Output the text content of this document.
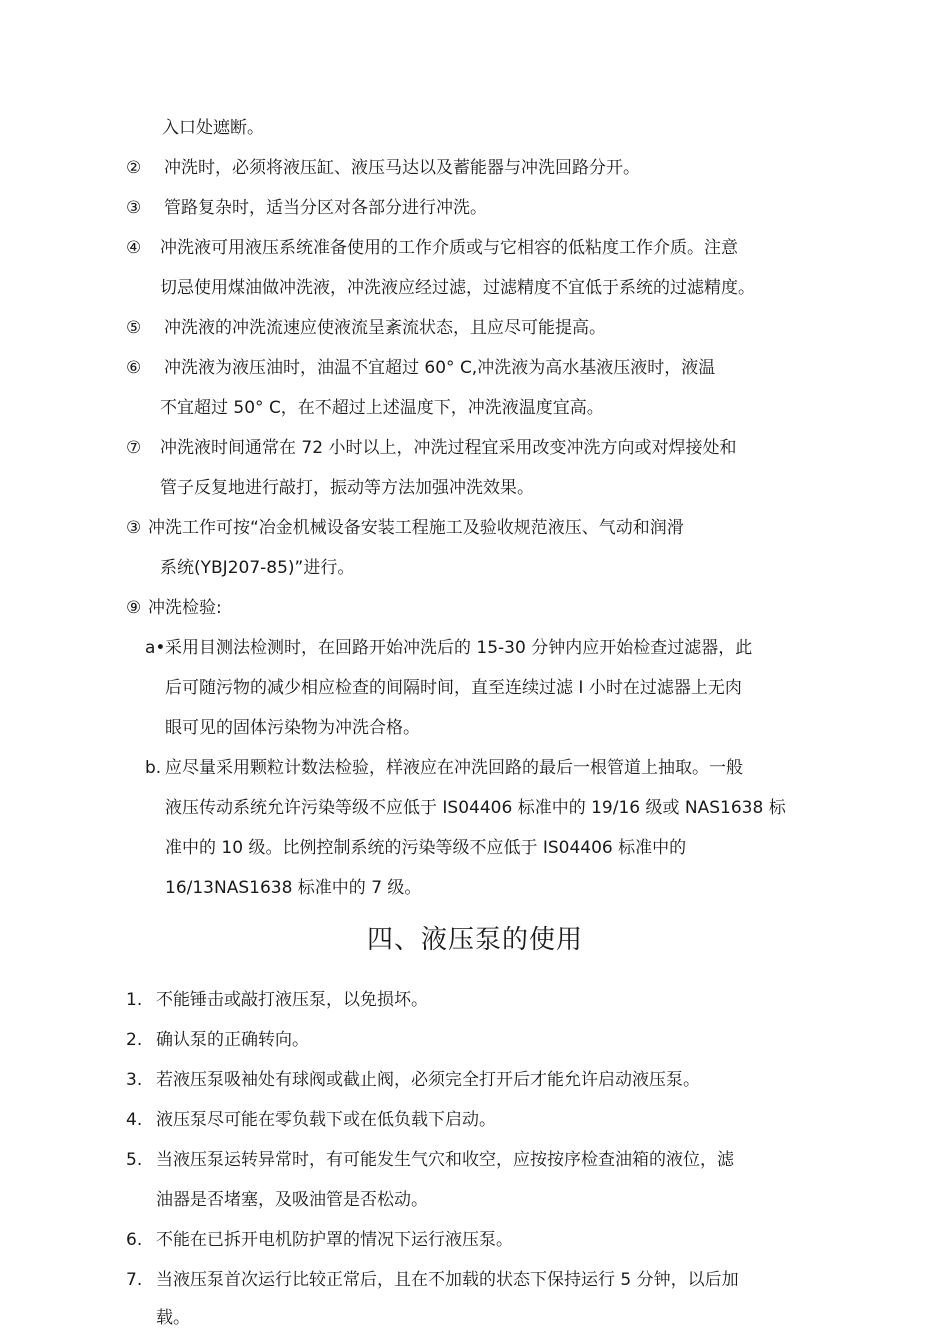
入口处遮断。
② 冲洗时，必须将液压缸、液压马达以及蓄能器与冲洗回路分开。
③ 管路复杂时，适当分区对各部分进行冲洗。
④ 冲洗液可用液压系统准备使用的工作介质或与它相容的低粘度工作介质。注意
切忌使用煤油做冲洗液，冲洗液应经过滤，过滤精度不宜低于系统的过滤精度。
⑤ 冲洗液的冲洗流速应使液流呈紊流状态，且应尽可能提高。
⑥ 冲洗液为液压油时，油温不宜超过 60° C,冲洗液为高水基液压液时，液温
不宜超过 50° C，在不超过上述温度下，冲洗液温度宜高。
⑦ 冲洗液时间通常在 72 小时以上，冲洗过程宜采用改变冲洗方向或对焊接处和
管子反复地进行敲打，振动等方法加强冲洗效果。
③ 冲洗工作可按“冶金机械设备安装工程施工及验收规范液压、气动和润滑
系统(YBJ207-85)”进行。
⑨ 冲洗检验:
a• 采用目测法检测时，在回路开始冲洗后的 15-30 分钟内应开始检查过滤器，此
后可随污物的减少相应检查的间隔时间，直至连续过滤 I 小时在过滤器上无肉
眼可见的固体污染物为冲洗合格。
b. 应尽量采用颗粒计数法检验，样液应在冲洗回路的最后一根管道上抽取。一般
液压传动系统允许污染等级不应低于 IS04406 标准中的 19/16 级或 NAS1638 标
准中的 10 级。比例控制系统的污染等级不应低于 IS04406 标准中的
16/13NAS1638 标准中的 7 级。
四、液压泵的使用
1. 不能锤击或敲打液压泵，以免损坏。
2. 确认泵的正确转向。
3. 若液压泵吸袖处有球阀或截止阀，必须完全打开后才能允许启动液压泵。
4. 液压泵尽可能在零负载下或在低负载下启动。
5. 当液压泵运转异常时，有可能发生气穴和收空，应按按序检查油箱的液位，滤
油器是否堵塞，及吸油管是否松动。
6. 不能在已拆开电机防护罩的情况下运行液压泵。
7. 当液压泵首次运行比较正常后，且在不加载的状态下保持运行 5 分钟，以后加
载。
